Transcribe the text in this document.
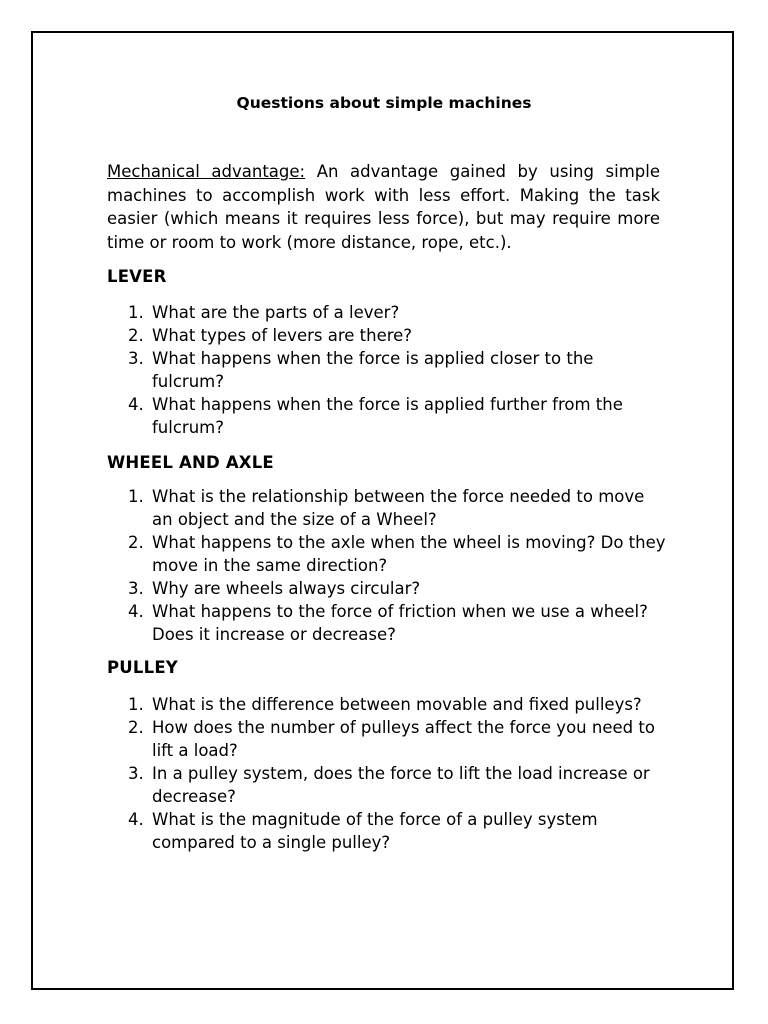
Questions about simple machines

Mechanical advantage: An advantage gained by using simple machines to accomplish work with less effort. Making the task easier (which means it requires less force), but may require more time or room to work (more distance, rope, etc.).

LEVER
1. What are the parts of a lever?
2. What types of levers are there?
3. What happens when the force is applied closer to the fulcrum?
4. What happens when the force is applied further from the fulcrum?
WHEEL AND AXLE
1. What is the relationship between the force needed to move an object and the size of a Wheel?
2. What happens to the axle when the wheel is moving? Do they move in the same direction?
3. Why are wheels always circular?
4. What happens to the force of friction when we use a wheel? Does it increase or decrease?
PULLEY
1. What is the difference between movable and fixed pulleys?
2. How does the number of pulleys affect the force you need to lift a load?
3. In a pulley system, does the force to lift the load increase or decrease?
4. What is the magnitude of the force of a pulley system compared to a single pulley?
